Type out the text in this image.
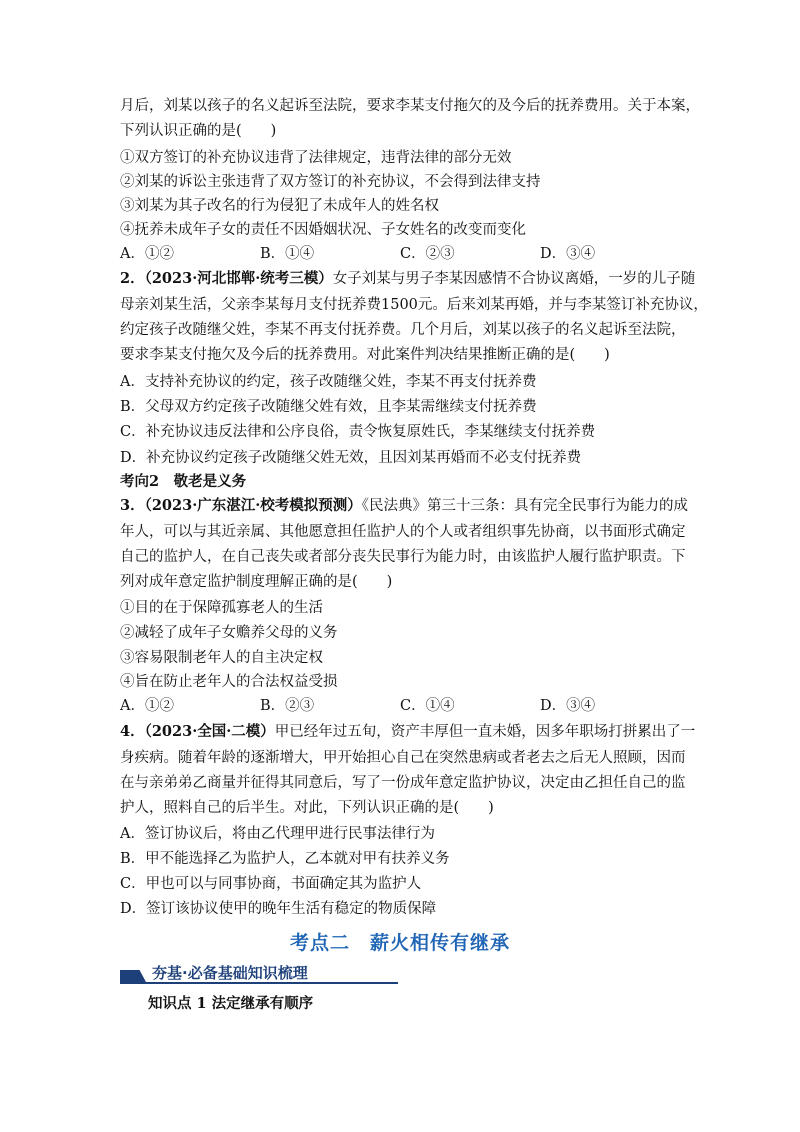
月后，刘某以孩子的名义起诉至法院，要求李某支付拖欠的及今后的抚养费用。关于本案，
下列认识正确的是(　　)
①双方签订的补充协议违背了法律规定，违背法律的部分无效
②刘某的诉讼主张违背了双方签订的补充协议，不会得到法律支持
③刘某为其子改名的行为侵犯了未成年人的姓名权
④抚养未成年子女的责任不因婚姻状况、子女姓名的改变而变化
A．①②	B．①④	C．②③	D．③④
2．（2023·河北邯郸·统考三模）女子刘某与男子李某因感情不合协议离婚，一岁的儿子随
母亲刘某生活，父亲李某每月支付抚养费1500元。后来刘某再婚，并与李某签订补充协议，
约定孩子改随继父姓，李某不再支付抚养费。几个月后，刘某以孩子的名义起诉至法院，
要求李某支付拖欠及今后的抚养费用。对此案件判决结果推断正确的是(　　)
A．支持补充协议的约定，孩子改随继父姓，李某不再支付抚养费
B．父母双方约定孩子改随继父姓有效，且李某需继续支付抚养费
C．补充协议违反法律和公序良俗，责令恢复原姓氏，李某继续支付抚养费
D．补充协议约定孩子改随继父姓无效，且因刘某再婚而不必支付抚养费
考向2　敬老是义务
3．（2023·广东湛江·校考模拟预测）《民法典》第三十三条：具有完全民事行为能力的成
年人，可以与其近亲属、其他愿意担任监护人的个人或者组织事先协商，以书面形式确定
自己的监护人，在自己丧失或者部分丧失民事行为能力时，由该监护人履行监护职责。下
列对成年意定监护制度理解正确的是(　　)
①目的在于保障孤寡老人的生活
②减轻了成年子女赡养父母的义务
③容易限制老年人的自主决定权
④旨在防止老年人的合法权益受损
A．①②	B．②③	C．①④	D．③④
4．（2023·全国·二模）甲已经年过五旬，资产丰厚但一直未婚，因多年职场打拼累出了一
身疾病。随着年龄的逐渐增大，甲开始担心自己在突然患病或者老去之后无人照顾，因而
在与亲弟弟乙商量并征得其同意后，写了一份成年意定监护协议，决定由乙担任自己的监
护人，照料自己的后半生。对此，下列认识正确的是(　　)
A．签订协议后，将由乙代理甲进行民事法律行为
B．甲不能选择乙为监护人，乙本就对甲有扶养义务
C．甲也可以与同事协商，书面确定其为监护人
D．签订该协议使甲的晚年生活有稳定的物质保障
考点二　薪火相传有继承
夯基·必备基础知识梳理
知识点 1 法定继承有顺序
